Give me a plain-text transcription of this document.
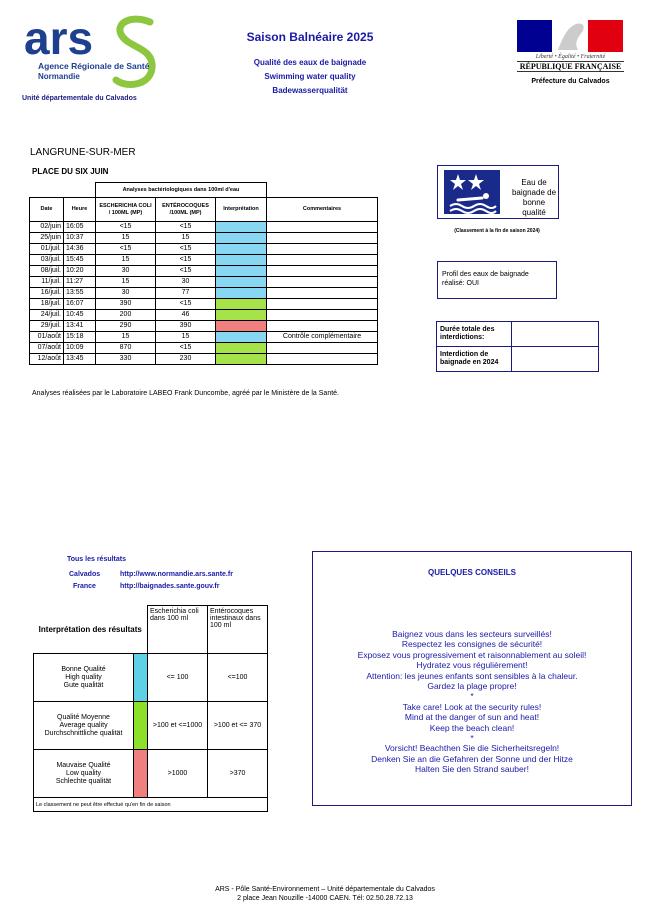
ars
Agence Régionale de Santé
Normandie
Unité départementale du Calvados
Saison Balnéaire 2025
Qualité des eaux de baignade
Swimming water quality
Badewasserqualität
Liberté • Égalité • Fraternité
RÉPUBLIQUE FRANÇAISE
Préfecture du Calvados
LANGRUNE-SUR-MER
PLACE DU SIX JUIN
		Analyses bactériologiques dans 100ml d'eau			
Date	Heure	ESCHERICHIA COLI / 100ML (MP)	ENTÉROCOQUES /100ML (MP)	Interprétation	Commentaires
02/juin	16:05	<15	<15		
25/juin	10:37	15	15		
01/juil.	14:36	<15	<15		
03/juil.	15:45	15	<15		
08/juil.	10:20	30	<15		
11/juil.	11:27	15	30		
16/juil.	13:55	30	77		
18/juil.	16:07	390	<15		
24/juil.	10:45	200	46		
29/juil.	13:41	290	390		
01/août	15:18	15	15		Contrôle complémentaire
07/août	10:09	870	<15		
12/août	13:45	330	230		
Eau de baignade de bonne qualité
(Classement à la fin de saison 2024)
Profil des eaux de baignade réalisé: OUI
Durée totale des interdictions:	
Interdiction de baignade en 2024	
Analyses réalisées par le Laboratoire LABEO Frank Duncombe, agréé par le Ministère de la Santé.
Tous les résultats
Calvados	http://www.normandie.ars.sante.fr
France	http://baignades.sante.gouv.fr
Interprétation des résultats		Escherichia coli dans 100 ml	Entérocoques intestinaux dans 100 ml

Bonne Qualité
High quality
Gute qualität		<= 100	<=100

Qualité Moyenne
Average quality
Durchschnittliche qualität		>100 et <=1000	>100 et <= 370

Mauvaise Qualité
Low quality
Schlechte qualität		>1000	>370
Le classement ne peut être effectué qu'en fin de saison			
QUELQUES CONSEILS
Baignez vous dans les secteurs surveillés!
Respectez les consignes de sécurité!
Exposez vous progressivement et raisonnablement au soleil!
Hydratez vous régulièrement!
Attention: les jeunes enfants sont sensibles à la chaleur.
Gardez la plage propre!
*
Take care! Look at the security rules!
Mind at the danger of sun and heat!
Keep the beach clean!
*
Vorsicht! Beachthen Sie die Sicherheitsregeln!
Denken Sie an die Gefahren der Sonne und der Hitze
Halten Sie den Strand sauber!
ARS - Pôle Santé-Environnement – Unité départementale du Calvados
2 place Jean Nouzille -14000 CAEN. Tél: 02.50.28.72.13
